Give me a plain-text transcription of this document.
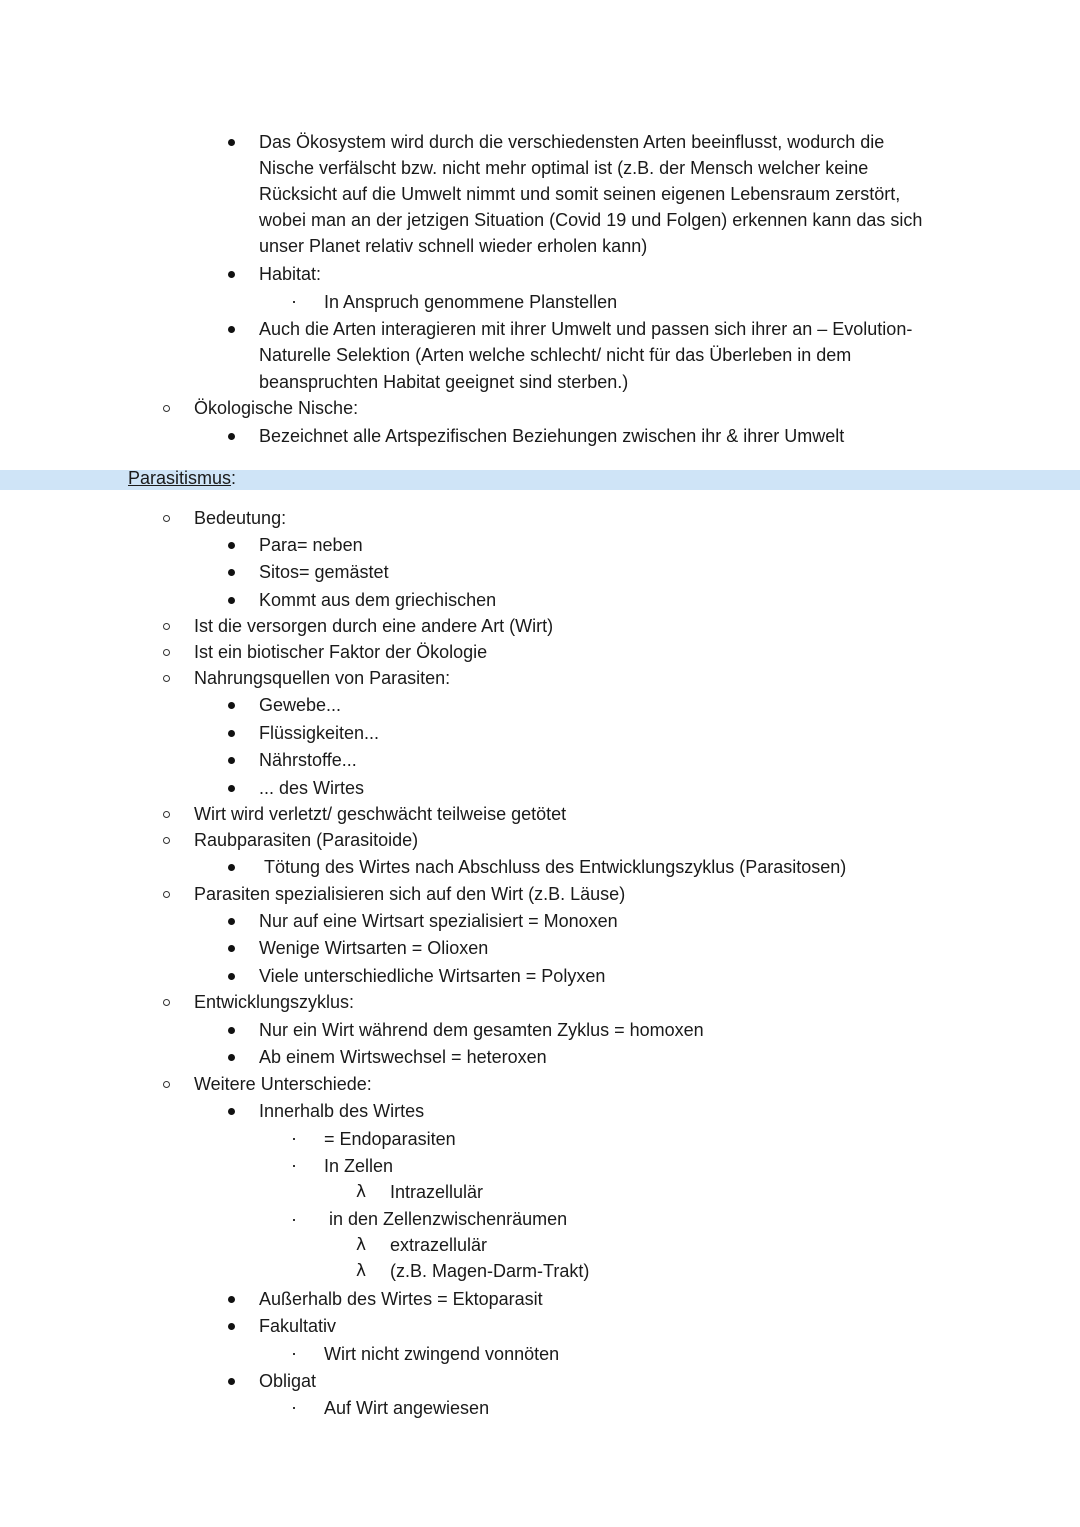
Das Ökosystem wird durch die verschiedensten Arten beeinflusst, wodurch die
Nische verfälscht bzw. nicht mehr optimal ist (z.B. der Mensch welcher keine
Rücksicht auf die Umwelt nimmt und somit seinen eigenen Lebensraum zerstört,
wobei man an der jetzigen Situation (Covid 19 und Folgen) erkennen kann das sich
unser Planet relativ schnell wieder erholen kann)
Habitat:
In Anspruch genommene Planstellen
Auch die Arten interagieren mit ihrer Umwelt und passen sich ihrer an – Evolution-
Naturelle Selektion (Arten welche schlecht/ nicht für das Überleben in dem
beanspruchten Habitat geeignet sind sterben.)
Ökologische Nische:
Bezeichnet alle Artspezifischen Beziehungen zwischen ihr & ihrer Umwelt
Parasitismus:
Bedeutung:
Para= neben
Sitos= gemästet
Kommt aus dem griechischen
Ist die versorgen durch eine andere Art (Wirt)
Ist ein biotischer Faktor der Ökologie
Nahrungsquellen von Parasiten:
Gewebe...
Flüssigkeiten...
Nährstoffe...
... des Wirtes
Wirt wird verletzt/ geschwächt teilweise getötet
Raubparasiten (Parasitoide)
Tötung des Wirtes nach Abschluss des Entwicklungszyklus (Parasitosen)
Parasiten spezialisieren sich auf den Wirt (z.B. Läuse)
Nur auf eine Wirtsart spezialisiert = Monoxen
Wenige Wirtsarten = Olioxen
Viele unterschiedliche Wirtsarten = Polyxen
Entwicklungszyklus:
Nur ein Wirt während dem gesamten Zyklus = homoxen
Ab einem Wirtswechsel = heteroxen
Weitere Unterschiede:
Innerhalb des Wirtes
= Endoparasiten
In Zellen
λ Intrazellulär
in den Zellenzwischenräumen
λ extrazellulär
λ (z.B. Magen-Darm-Trakt)
Außerhalb des Wirtes = Ektoparasit
Fakultativ
Wirt nicht zwingend vonnöten
Obligat
Auf Wirt angewiesen
